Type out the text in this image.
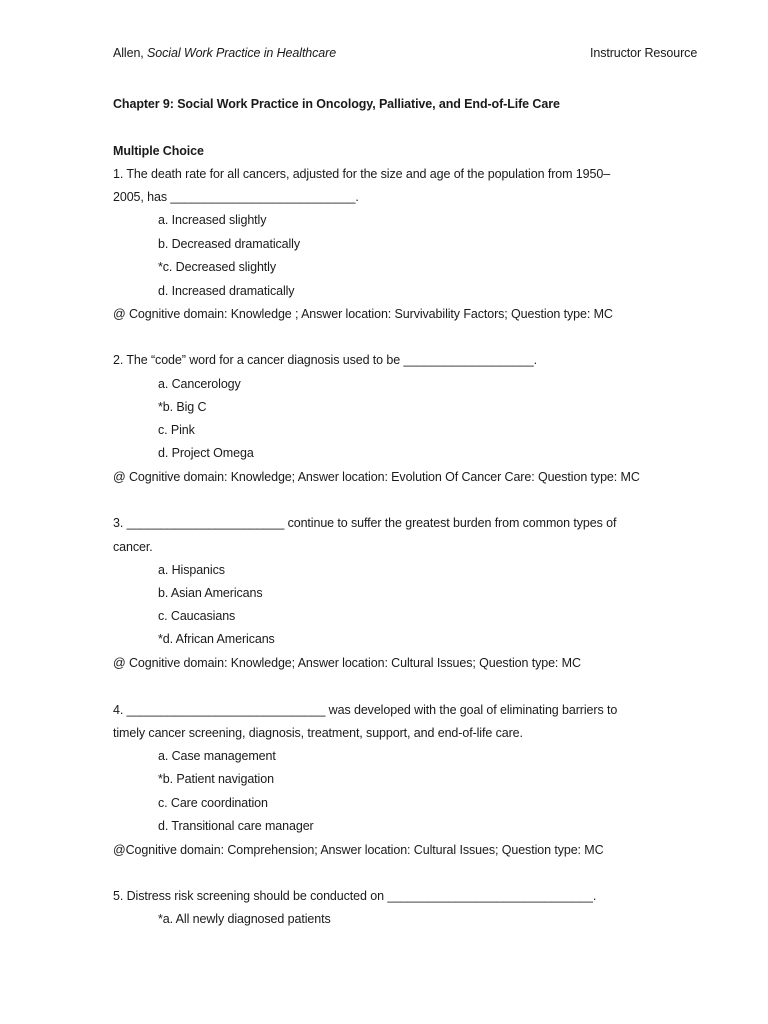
Allen, Social Work Practice in Healthcare	Instructor Resource
Chapter 9: Social Work Practice in Oncology, Palliative, and End-of-Life Care
Multiple Choice
1. The death rate for all cancers, adjusted for the size and age of the population from 1950–
2005, has ___________________________.
a. Increased slightly
b. Decreased dramatically
*c. Decreased slightly
d. Increased dramatically
@ Cognitive domain: Knowledge ; Answer location: Survivability Factors; Question type: MC
2. The “code” word for a cancer diagnosis used to be ___________________.
a. Cancerology
*b. Big C
c. Pink
d. Project Omega
@ Cognitive domain: Knowledge; Answer location: Evolution Of Cancer Care: Question type: MC
3. _______________________ continue to suffer the greatest burden from common types of
cancer.
a. Hispanics
b. Asian Americans
c. Caucasians
*d. African Americans
@ Cognitive domain: Knowledge; Answer location: Cultural Issues; Question type: MC
4. _____________________________ was developed with the goal of eliminating barriers to
timely cancer screening, diagnosis, treatment, support, and end-of-life care.
a. Case management
*b. Patient navigation
c. Care coordination
d. Transitional care manager
@Cognitive domain: Comprehension; Answer location: Cultural Issues; Question type: MC
5. Distress risk screening should be conducted on ______________________________.
*a. All newly diagnosed patients
